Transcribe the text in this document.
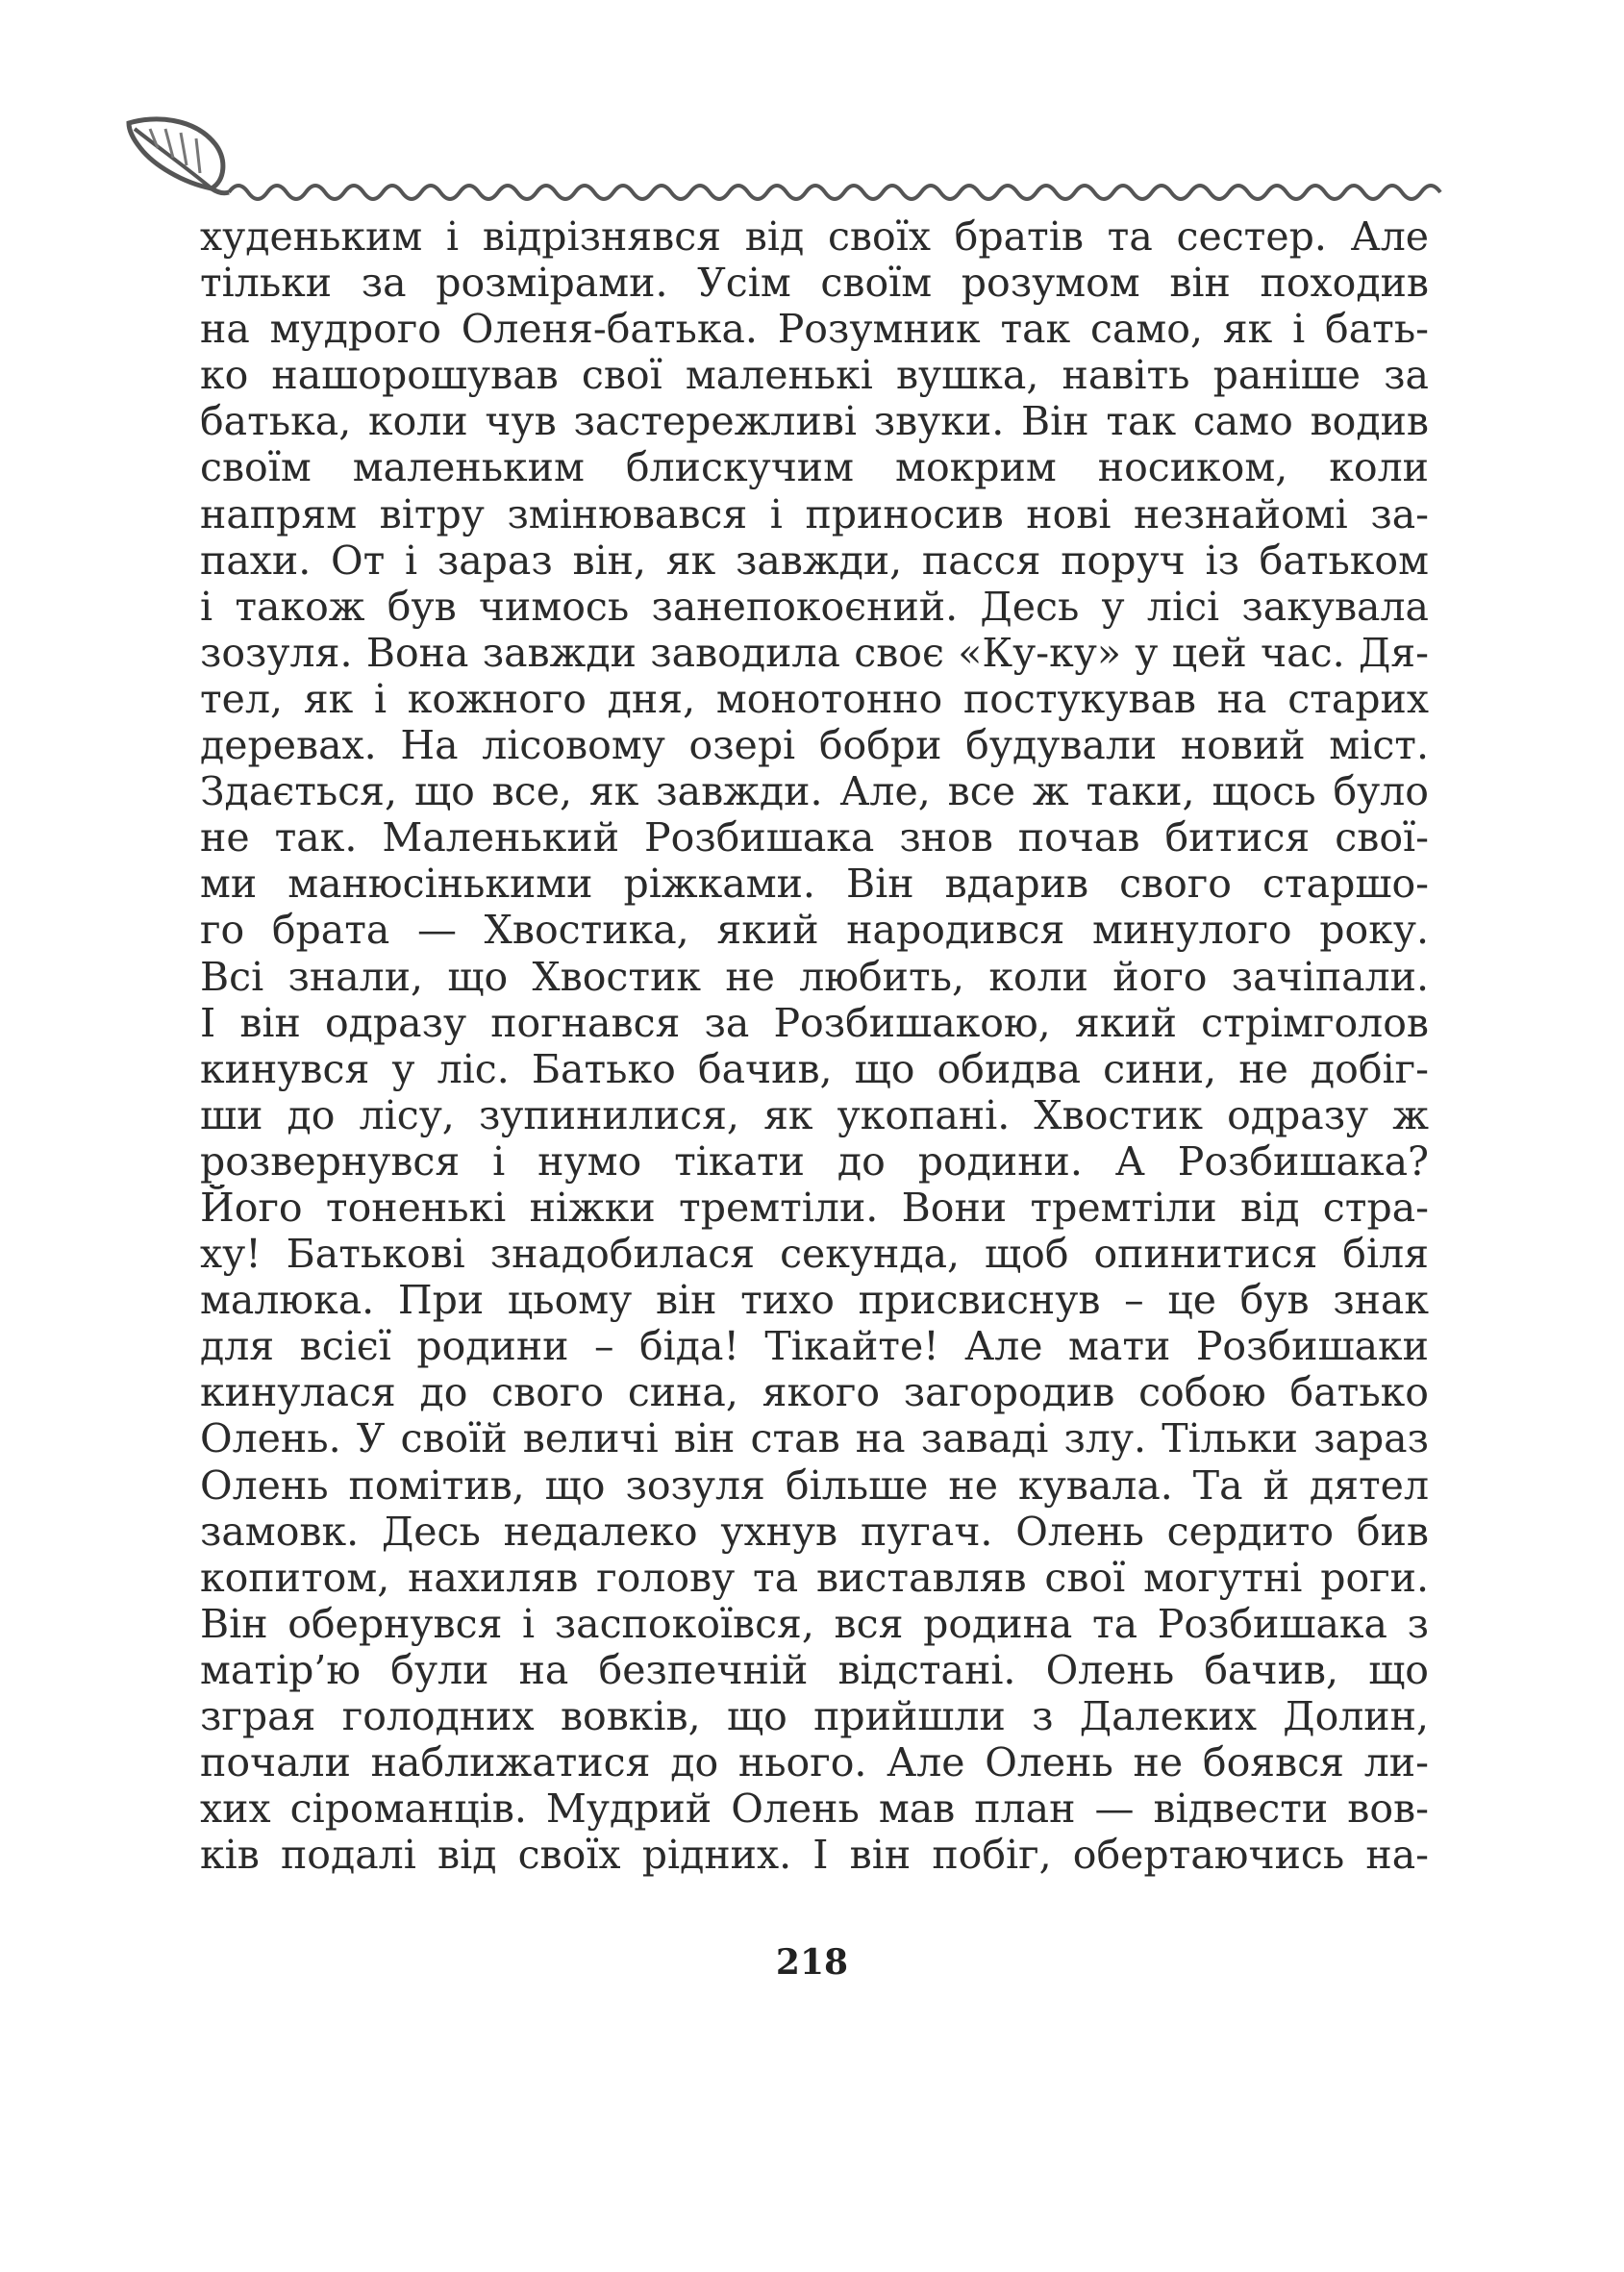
худеньким і відрізнявся від своїх братів та сестер. Але
тільки за розмірами. Усім своїм розумом він походив
на мудрого Оленя-батька. Розумник так само, як і бать-
ко нашорошував свої маленькі вушка, навіть раніше за
батька, коли чув застережливі звуки. Він так само водив
своїм маленьким блискучим мокрим носиком, коли
напрям вітру змінювався і приносив нові незнайомі за-
пахи. От і зараз він, як завжди, пасся поруч із батьком
і також був чимось занепокоєний. Десь у лісі закувала
зозуля. Вона завжди заводила своє «Ку-ку» у цей час. Дя-
тел, як і кожного дня, монотонно постукував на старих
деревах. На лісовому озері бобри будували новий міст.
Здається, що все, як завжди. Але, все ж таки, щось було
не так. Маленький Розбишака знов почав битися свої-
ми манюсінькими ріжками. Він вдарив свого старшо-
го брата — Хвостика, який народився минулого року.
Всі знали, що Хвостик не любить, коли його зачіпали.
І він одразу погнався за Розбишакою, який стрімголов
кинувся у ліс. Батько бачив, що обидва сини, не добіг-
ши до лісу, зупинилися, як укопані. Хвостик одразу ж
розвернувся і нумо тікати до родини. А Розбишака?
Його тоненькі ніжки тремтіли. Вони тремтіли від стра-
ху! Батькові знадобилася секунда, щоб опинитися біля
малюка. При цьому він тихо присвиснув – це був знак
для всієї родини – біда! Тікайте! Але мати Розбишаки
кинулася до свого сина, якого загородив собою батько
Олень. У своїй величі він став на заваді злу. Тільки зараз
Олень помітив, що зозуля більше не кувала. Та й дятел
замовк. Десь недалеко ухнув пугач. Олень сердито бив
копитом, нахиляв голову та виставляв свої могутні роги.
Він обернувся і заспокоївся, вся родина та Розбишака з
матір’ю були на безпечній відстані. Олень бачив, що
зграя голодних вовків, що прийшли з Далеких Долин,
почали наближатися до нього. Але Олень не боявся ли-
хих сіроманців. Мудрий Олень мав план — відвести вов-
ків подалі від своїх рідних. І він побіг, обертаючись на-
218
